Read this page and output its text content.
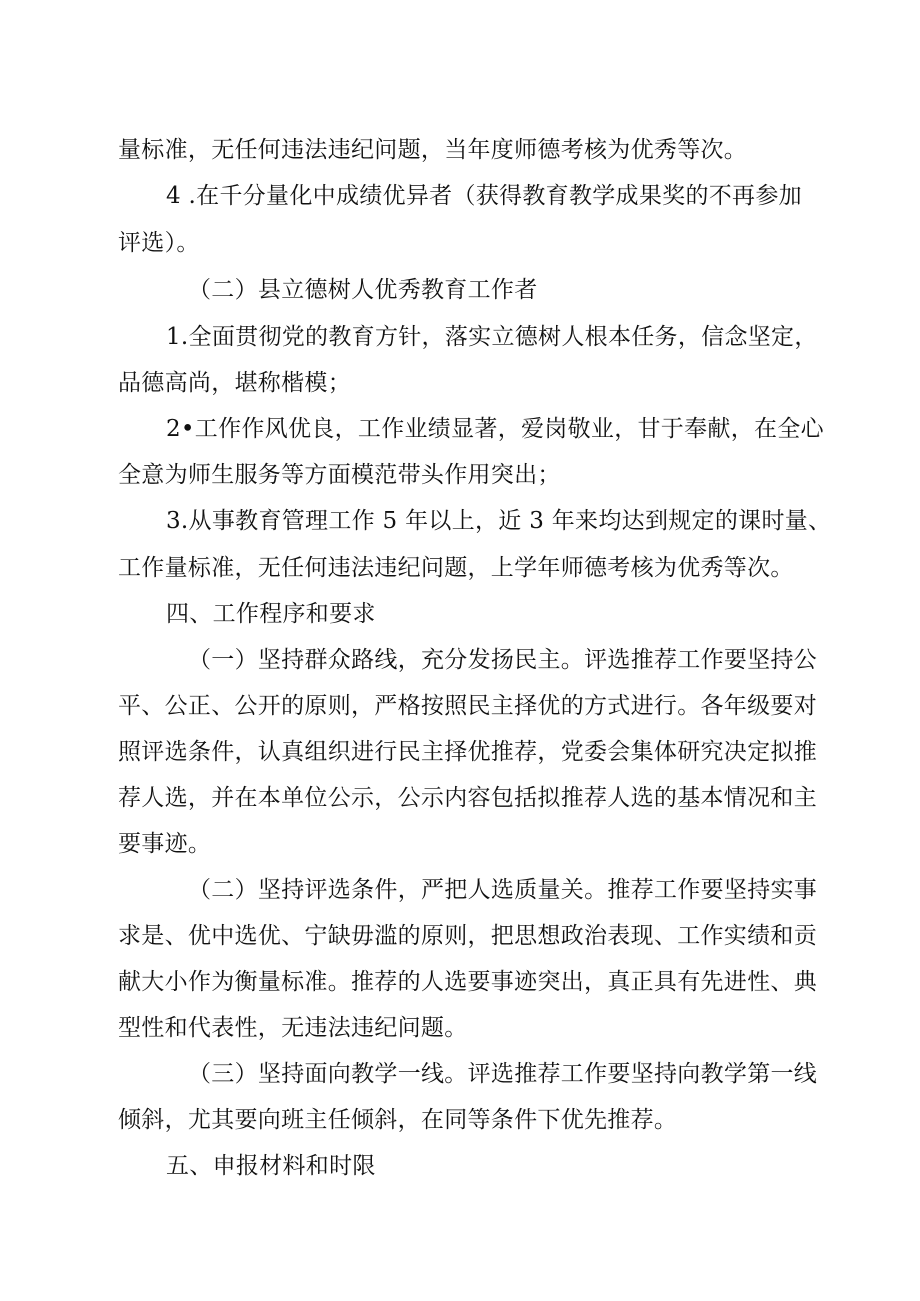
量标准，无任何违法违纪问题，当年度师德考核为优秀等次。
4 .在千分量化中成绩优异者（获得教育教学成果奖的不再参加
评选）。
（二）县立德树人优秀教育工作者
1.全面贯彻党的教育方针，落实立德树人根本任务，信念坚定，
品德高尚，堪称楷模；
2•工作作风优良，工作业绩显著，爱岗敬业，甘于奉献，在全心
全意为师生服务等方面模范带头作用突出；
3.从事教育管理工作 5 年以上，近 3 年来均达到规定的课时量、
工作量标准，无任何违法违纪问题，上学年师德考核为优秀等次。
四、工作程序和要求
（一）坚持群众路线，充分发扬民主。评选推荐工作要坚持公
平、公正、公开的原则，严格按照民主择优的方式进行。各年级要对
照评选条件，认真组织进行民主择优推荐，党委会集体研究决定拟推
荐人选，并在本单位公示，公示内容包括拟推荐人选的基本情况和主
要事迹。
（二）坚持评选条件，严把人选质量关。推荐工作要坚持实事
求是、优中选优、宁缺毋滥的原则，把思想政治表现、工作实绩和贡
献大小作为衡量标准。推荐的人选要事迹突出，真正具有先进性、典
型性和代表性，无违法违纪问题。
（三）坚持面向教学一线。评选推荐工作要坚持向教学第一线
倾斜，尤其要向班主任倾斜，在同等条件下优先推荐。
五、申报材料和时限
